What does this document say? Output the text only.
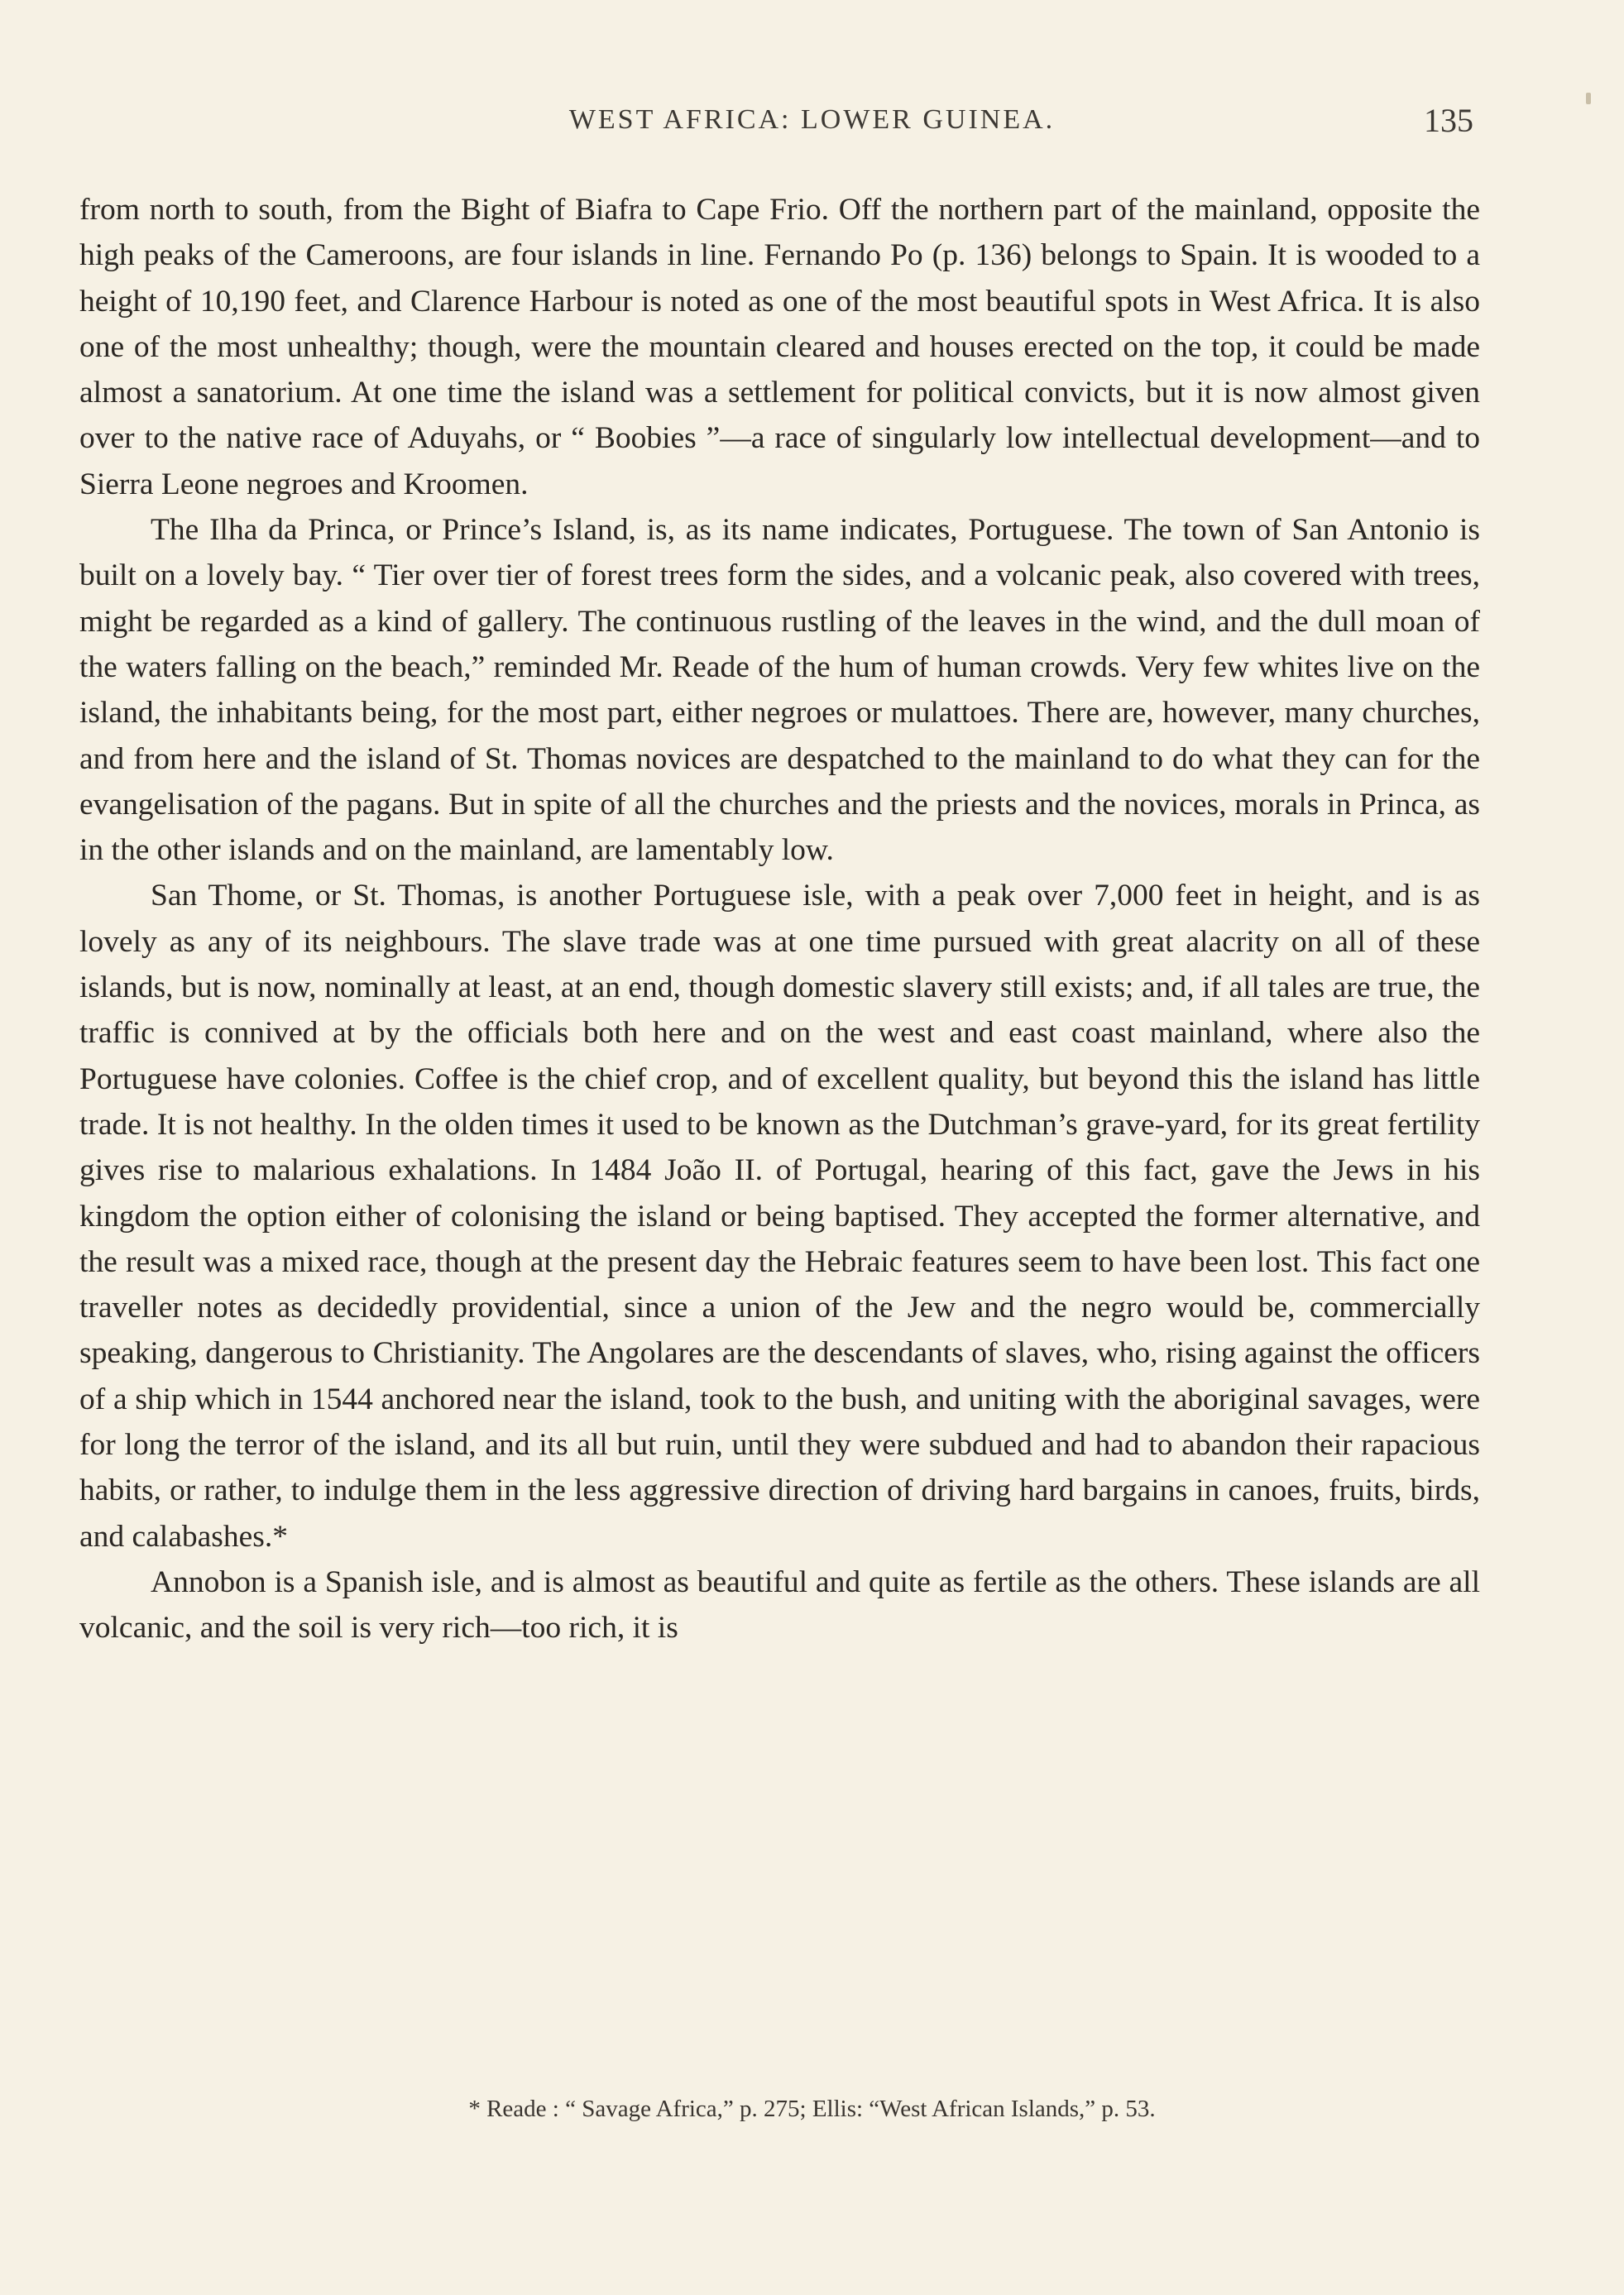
WEST AFRICA: LOWER GUINEA.	135

from north to south, from the Bight of Biafra to Cape Frio. Off the northern part of the mainland, opposite the high peaks of the Cameroons, are four islands in line. Fernando Po (p. 136) belongs to Spain. It is wooded to a height of 10,190 feet, and Clarence Harbour is noted as one of the most beautiful spots in West Africa. It is also one of the most unhealthy; though, were the mountain cleared and houses erected on the top, it could be made almost a sanatorium. At one time the island was a settlement for political convicts, but it is now almost given over to the native race of Aduyahs, or “ Boobies ”—a race of singularly low intellectual development—and to Sierra Leone negroes and Kroomen.

The Ilha da Princa, or Prince’s Island, is, as its name indicates, Portuguese. The town of San Antonio is built on a lovely bay. “ Tier over tier of forest trees form the sides, and a volcanic peak, also covered with trees, might be regarded as a kind of gallery. The continuous rustling of the leaves in the wind, and the dull moan of the waters falling on the beach,” reminded Mr. Reade of the hum of human crowds. Very few whites live on the island, the inhabitants being, for the most part, either negroes or mulattoes. There are, however, many churches, and from here and the island of St. Thomas novices are despatched to the mainland to do what they can for the evangelisation of the pagans. But in spite of all the churches and the priests and the novices, morals in Princa, as in the other islands and on the mainland, are lamentably low.

San Thome, or St. Thomas, is another Portuguese isle, with a peak over 7,000 feet in height, and is as lovely as any of its neighbours. The slave trade was at one time pursued with great alacrity on all of these islands, but is now, nominally at least, at an end, though domestic slavery still exists; and, if all tales are true, the traffic is connived at by the officials both here and on the west and east coast mainland, where also the Portuguese have colonies. Coffee is the chief crop, and of excellent quality, but beyond this the island has little trade. It is not healthy. In the olden times it used to be known as the Dutchman’s grave-yard, for its great fertility gives rise to malarious exhalations. In 1484 João II. of Portugal, hearing of this fact, gave the Jews in his kingdom the option either of colonising the island or being baptised. They accepted the former alternative, and the result was a mixed race, though at the present day the Hebraic features seem to have been lost. This fact one traveller notes as decidedly providential, since a union of the Jew and the negro would be, commercially speaking, dangerous to Christianity. The Angolares are the descendants of slaves, who, rising against the officers of a ship which in 1544 anchored near the island, took to the bush, and uniting with the aboriginal savages, were for long the terror of the island, and its all but ruin, until they were subdued and had to abandon their rapacious habits, or rather, to indulge them in the less aggressive direction of driving hard bargains in canoes, fruits, birds, and calabashes.*

Annobon is a Spanish isle, and is almost as beautiful and quite as fertile as the others. These islands are all volcanic, and the soil is very rich—too rich, it is

* Reade : “ Savage Africa,” p. 275; Ellis: “West African Islands,” p. 53.
